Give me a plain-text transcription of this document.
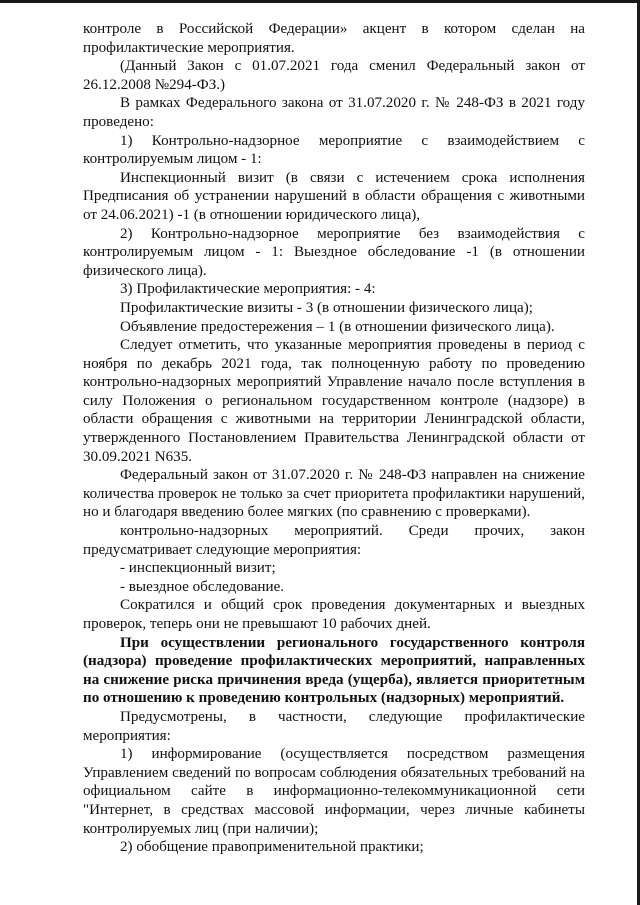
контроле в Российской Федерации» акцент в котором сделан на профилактические мероприятия.

(Данный Закон с 01.07.2021 года сменил Федеральный закон от 26.12.2008 №294-ФЗ.)

В рамках Федерального закона от 31.07.2020 г. № 248-ФЗ в 2021 году проведено:

1) Контрольно-надзорное мероприятие с взаимодействием с контролируемым лицом - 1:

Инспекционный визит (в связи с истечением срока исполнения Предписания об устранении нарушений в области обращения с животными от 24.06.2021) -1 (в отношении юридического лица),

2) Контрольно-надзорное мероприятие без взаимодействия с контролируемым лицом - 1: Выездное обследование -1 (в отношении физического лица).

3) Профилактические мероприятия: - 4:

Профилактические визиты - 3 (в отношении физического лица);

Объявление предостережения – 1 (в отношении физического лица).

Следует отметить, что указанные мероприятия проведены в период с ноября по декабрь 2021 года, так полноценную работу по проведению контрольно-надзорных мероприятий Управление начало после вступления в силу Положения о региональном государственном контроле (надзоре) в области обращения с животными на территории Ленинградской области, утвержденного Постановлением Правительства Ленинградской области от 30.09.2021 N635.

Федеральный закон от 31.07.2020 г. № 248-ФЗ направлен на снижение количества проверок не только за счет приоритета профилактики нарушений, но и благодаря введению более мягких (по сравнению с проверками).

контрольно-надзорных мероприятий. Среди прочих, закон предусматривает следующие мероприятия:

- инспекционный визит;

- выездное обследование.

Сократился и общий срок проведения документарных и выездных проверок, теперь они не превышают 10 рабочих дней.

При осуществлении регионального государственного контроля (надзора) проведение профилактических мероприятий, направленных на снижение риска причинения вреда (ущерба), является приоритетным по отношению к проведению контрольных (надзорных) мероприятий.

Предусмотрены, в частности, следующие профилактические мероприятия:

1) информирование (осуществляется посредством размещения Управлением сведений по вопросам соблюдения обязательных требований на официальном сайте в информационно-телекоммуникационной сети "Интернет, в средствах массовой информации, через личные кабинеты контролируемых лиц (при наличии);

2) обобщение правоприменительной практики;
